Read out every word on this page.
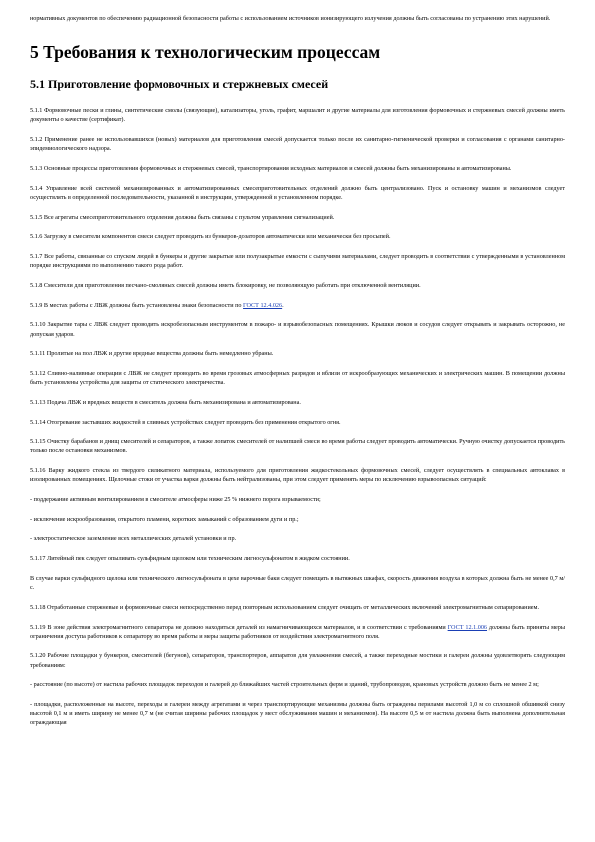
нормативных документов по обеспечению радиационной безопасности работы с использованием источников ионизирующего излучения должны быть согласованы по устранению этих нарушений.

5 Требования к технологическим процессам
5.1 Приготовление формовочных и стержневых смесей

5.1.1 Формовочные пески и глины, синтетические смолы (связующие), катализаторы, уголь, графит, маршалит и другие материалы для изготовления формовочных и стержневых смесей должны иметь документы о качестве (сертификат).

5.1.2 Применение ранее не использовавшихся (новых) материалов для приготовления смесей допускается только после их санитарно-гигиенической проверки и согласования с органами санитарно-эпидемиологического надзора.

5.1.3 Основные процессы приготовления формовочных и стержневых смесей, транспортирования исходных материалов и смесей должны быть механизированы и автоматизированы.

5.1.4 Управление всей системой механизированных и автоматизированных смесеприготовительных отделений должно быть централизовано. Пуск и остановку машин и механизмов следует осуществлять в определенной последовательности, указанной в инструкции, утвержденной в установленном порядке.

5.1.5 Все агрегаты смесеприготовительного отделения должны быть связаны с пультом управления сигнализацией.

5.1.6 Загрузку в смесители компонентов смеси следует проводить из бункеров-дозаторов автоматически или механически без просыпей.

5.1.7 Все работы, связанные со спуском людей в бункеры и другие закрытые или полузакрытые емкости с сыпучими материалами, следует проводить в соответствии с утвержденными в установленном порядке инструкциями по выполнению такого рода работ.

5.1.8 Смесители для приготовления песчано-смоляных смесей должны иметь блокировку, не позволяющую работать при отключенной вентиляции.

5.1.9 В местах работы с ЛВЖ должны быть установлены знаки безопасности по ГОСТ 12.4.026.

5.1.10 Закрытие тары с ЛВЖ следует проводить искробезопасным инструментом в пожаро- и взрывобезопасных помещениях. Крышки люков и сосудов следует открывать и закрывать осторожно, не допуская ударов.

5.1.11 Пролитые на пол ЛВЖ и другие вредные вещества должны быть немедленно убраны.

5.1.12 Сливно-наливные операции с ЛВЖ не следует проводить во время грозовых атмосферных разрядов и вблизи от искрообразующих механических и электрических машин. В помещении должны быть установлены устройства для защиты от статического электричества.

5.1.13 Подача ЛВЖ и вредных веществ в смеситель должна быть механизирована и автоматизирована.

5.1.14 Отогревание застывших жидкостей в сливных устройствах следует проводить без применения открытого огня.

5.1.15 Очистку барабанов и днищ смесителей и сепараторов, а также лопаток смесителей от налипшей смеси во время работы следует проводить автоматически. Ручную очистку допускается проводить только после остановки механизмов.

5.1.16 Варку жидкого стекла из твердого силикатного материала, используемого для приготовления жидкостекольных формовочных смесей, следует осуществлять в специальных автоклавах в изолированных помещениях. Щелочные стоки от участка варки должны быть нейтрализованы, при этом следует применять меры по исключению взрывоопасных ситуаций:

- поддержание активным вентилированием в смесителе атмосферы ниже 25 % нижнего порога взрываемости;

- исключение искрообразования, открытого пламени, коротких замыканий с образованием дуги и пр.;

- электростатическое заземление всех металлических деталей установки и пр.

5.1.17 Литейный пек следует опыливать сульфидным щелоком или техническим лигносульфонатом в жидком состоянии.

В случае варки сульфидного щелока или технического лигносульфоната в цехе варочные баки следует помещать в вытяжных шкафах, скорость движения воздуха в которых должна быть не менее 0,7 м/с.

5.1.18 Отработанные стержневые и формовочные смеси непосредственно перед повторным использованием следует очищать от металлических включений электромагнитным сепарированием.

5.1.19 В зоне действия электромагнитного сепаратора не должно находиться деталей из намагничивающихся материалов, и в соответствии с требованиями ГОСТ 12.1.006 должны быть приняты меры ограничения доступа работников к сепаратору во время работы и меры защиты работников от воздействия электромагнитного поля.

5.1.20 Рабочие площадки у бункеров, смесителей (бегунов), сепараторов, транспортеров, аппаратов для увлажнения смесей, а также переходные мостики и галереи должны удовлетворять следующим требованиям:

- расстояние (по высоте) от настила рабочих площадок переходов и галерей до ближайших частей строительных ферм и зданий, трубопроводов, крановых устройств должно быть не менее 2 м;

- площадки, расположенные на высоте, переходы и галереи между агрегатами и через транспортирующие механизмы должны быть ограждены перилами высотой 1,0 м со сплошной обшивкой снизу высотой 0,1 м и иметь ширину не менее 0,7 м (не считая ширины рабочих площадок у мест обслуживания машин и механизмов). На высоте 0,5 м от настила должна быть выполнена дополнительная ограждающая
